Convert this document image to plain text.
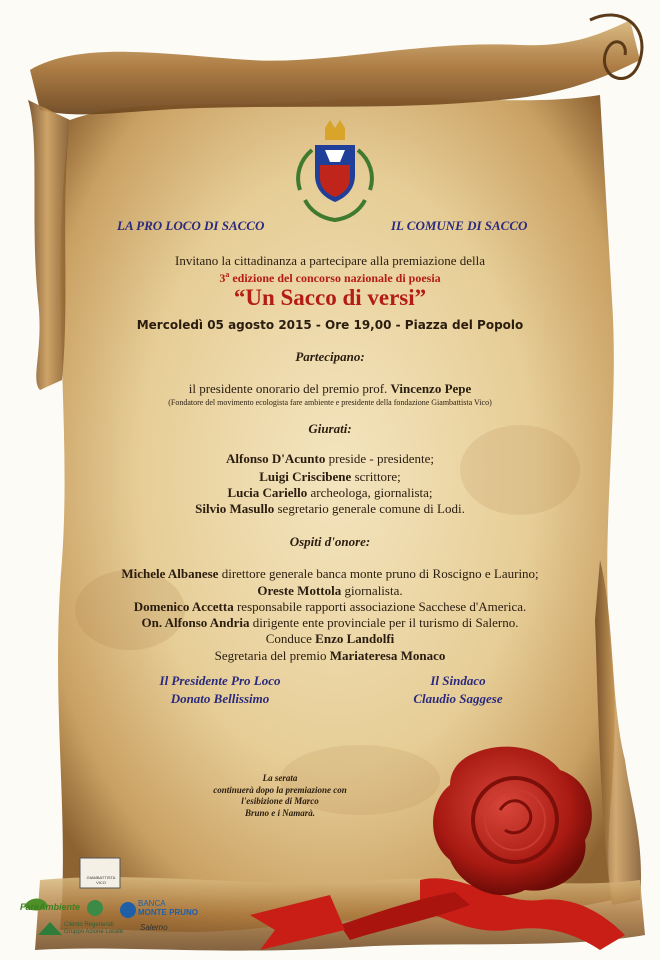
LA PRO LOCO DI SACCO	IL COMUNE DI SACCO
Invitano la cittadinanza a partecipare alla premiazione della
3$^a$ edizione del concorso nazionale di poesia
“Un Sacco di versi”
Mercoledì 05 agosto 2015 - Ore 19,00 - Piazza del Popolo
Partecipano:
il presidente onorario del premio prof. Vincenzo Pepe
(Fondatore del movimento ecologista fare ambiente e presidente della fondazione Giambattista Vico)
Giurati:
Alfonso D'Acunto preside - presidente;
Luigi Criscibene scrittore;
Lucia Cariello archeologa, giornalista;
Silvio Masullo segretario generale comune di Lodi.
Ospiti d'onore:
Michele Albanese direttore generale banca monte pruno di Roscigno e Laurino;
Oreste Mottola giornalista.
Domenico Accetta responsabile rapporti associazione Sacchese d'America.
On. Alfonso Andria dirigente ente provinciale per il turismo di Salerno.
Conduce Enzo Landolfi
Segretaria del premio Mariateresa Monaco
Il Presidente Pro Loco
Donato Bellissimo
Il Sindaco
Claudio Saggese
La serata
continuerà dopo la premiazione con
l'esibizione di Marco
Bruno e i Namarà.
GIAMBATTISTA VICO
FareAmbiente	BANCA
MONTE PRUNO
Cilento Regenerati
Gruppo Azione Locale Salerno
